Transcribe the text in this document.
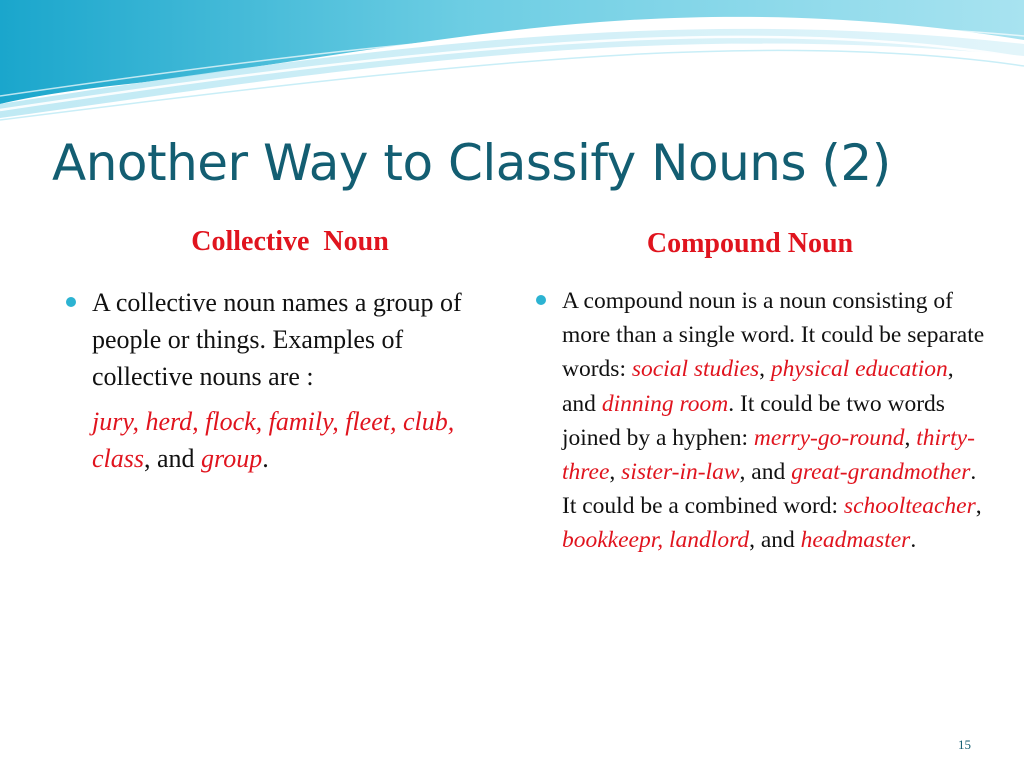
Another Way to Classify Nouns (2)
Collective  Noun	Compound Noun

A collective noun names a group of people or things. Examples of collective nouns are :

jury, herd, flock, family, fleet, club, class, and group.

A compound noun is a noun consisting of more than a single word. It could be separate words: social studies, physical education, and dinning room. It could be two words joined by a hyphen: merry-go-round, thirty-three, sister-in-law, and great-grandmother. It could be a combined word: schoolteacher, bookkeepr, landlord, and headmaster.

15
